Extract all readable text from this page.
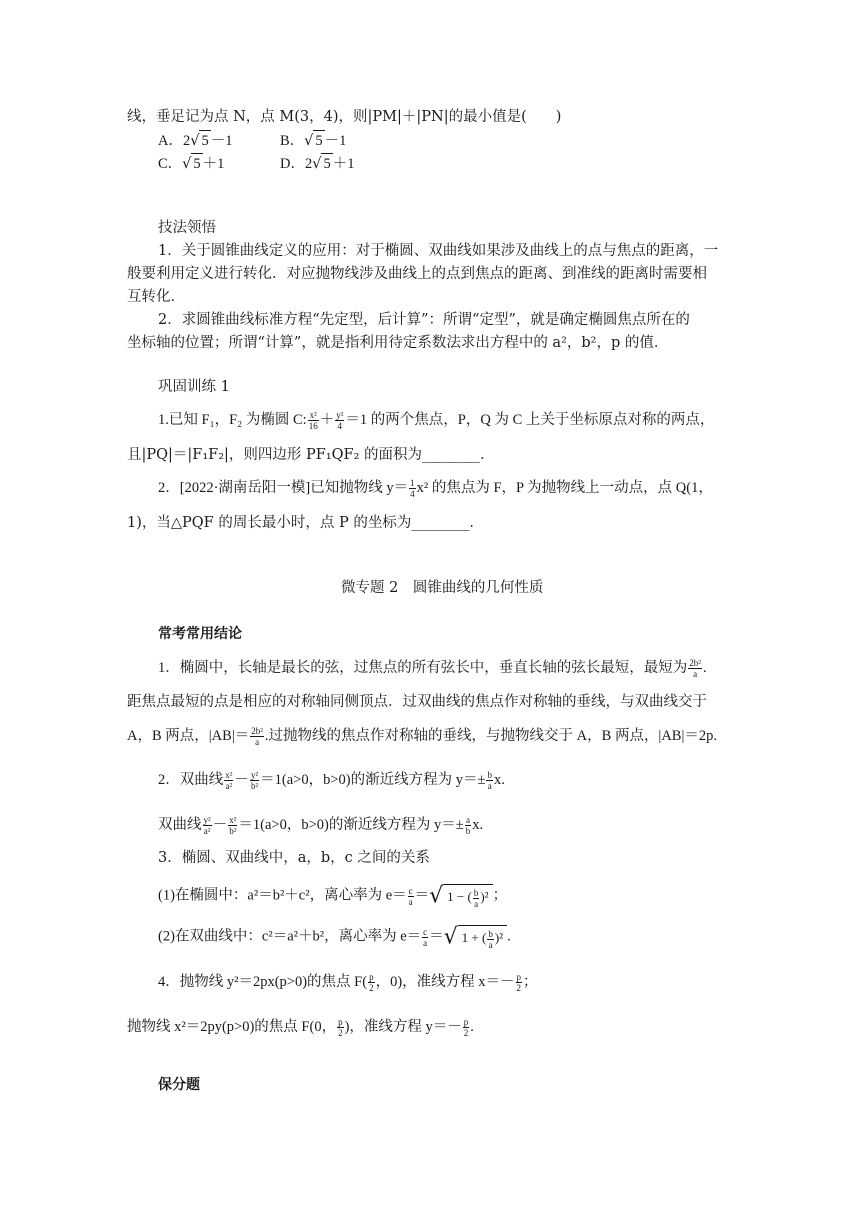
线，垂足记为点 N，点 M(3，4)，则|PM|＋|PN|的最小值是(　　)
A．2√ 5 －1	B．√ 5 －1
C．√ 5 ＋1	D．2√ 5 ＋1
技法领悟
1．关于圆锥曲线定义的应用：对于椭圆、双曲线如果涉及曲线上的点与焦点的距离，一
般要利用定义进行转化．对应抛物线涉及曲线上的点到焦点的距离、到准线的距离时需要相
互转化．
2．求圆锥曲线标准方程“先定型，后计算”：所谓“定型”，就是确定椭圆焦点所在的
坐标轴的位置；所谓“计算”，就是指利用待定系数法求出方程中的 a²，b²，p 的值．
巩固训练 1
1.已知 F₁，F₂ 为椭圆 C: $\frac{\text{x²}}{16} + \frac{\text{y²}}{4} =1$ 的两个焦点，P，Q 为 C 上关于坐标原点对称的两点，
且|PQ|＝|F₁F₂|，则四边形 PF₁QF₂ 的面积为________．
2．[2022·湖南岳阳一模]已知抛物线 $y= \frac{1}{4} x^2$ 的焦点为 F，P 为抛物线上一动点，点 Q(1，
1)，当△PQF 的周长最小时，点 P 的坐标为________．
微专题 2　圆锥曲线的几何性质
常考常用结论
1．椭圆中，长轴是最长的弦，过焦点的所有弦长中，垂直长轴的弦长最短，最短为 $\frac{\text{2b²}}{a}$ .
距焦点最短的点是相应的对称轴同侧顶点．过双曲线的焦点作对称轴的垂线，与双曲线交于
A，B 两点，$|AB|= \frac{\text{2b²}}{a}$ .过抛物线的焦点作对称轴的垂线，与抛物线交于 A，B 两点，|AB|＝2p.
2．双曲线 $\frac{\text{x²}}{\text{a²}} - \frac{\text{y²}}{\text{b²}} =1(a>0$，b>0)的渐近线方程为 $y=\pm \frac{b}{a} x$.
双曲线 $\frac{\text{y²}}{\text{a²}} - \frac{\text{x²}}{\text{b²}} =1(a>0$，b>0)的渐近线方程为 $y=\pm \frac{a}{b} x$.
3．椭圆、双曲线中，a，b，c 之间的关系
(1)在椭圆中：a²＝b²＋c²，离心率为 $e= \frac{c}{a}$ ＝√ 1 − ( $\frac{b}{a} )^2$ ；
(2)在双曲线中：c²＝a²＋b²，离心率为 $e= \frac{c}{a}$ ＝√ 1 + ( $\frac{b}{a} )^2$ .
4．抛物线 y²＝2px(p>0)的焦点 $F( \frac{p}{2}$ ，0)，准线方程 $x=- \frac{p}{2}$ ；
抛物线 x²＝2py(p>0)的焦点 F(0， $\frac{p}{2}$ )，准线方程 $y=- \frac{p}{2}$ .
保分题
